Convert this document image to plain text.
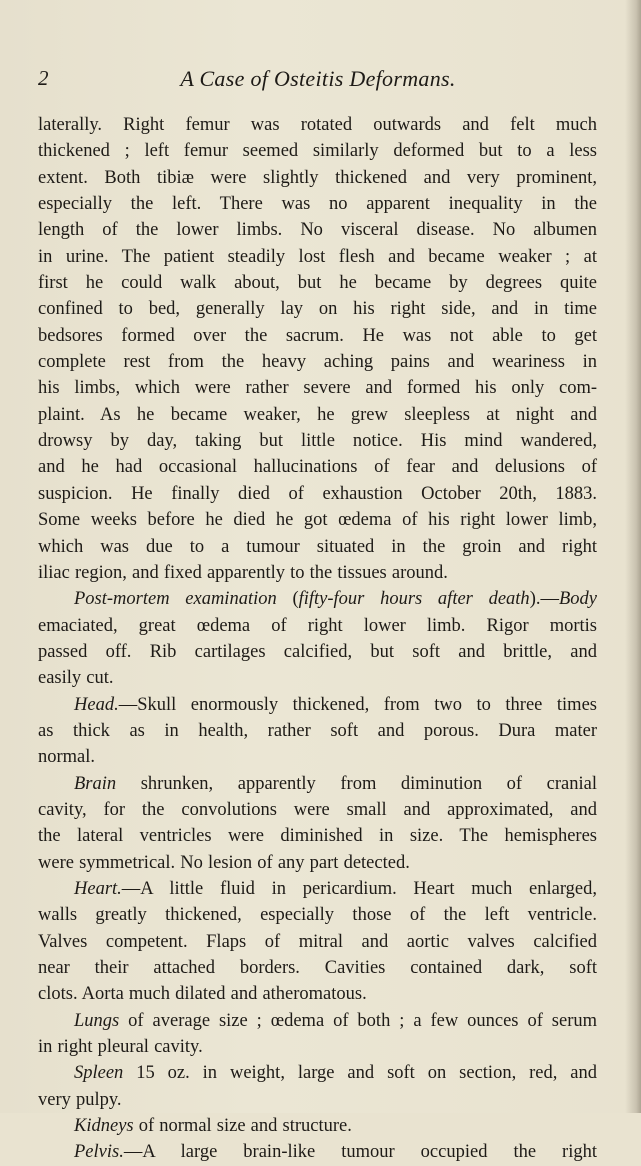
2	A Case of Osteitis Deformans.
laterally. Right femur was rotated outwards and felt much
thickened ; left femur seemed similarly deformed but to a less
extent. Both tibiæ were slightly thickened and very prominent,
especially the left. There was no apparent inequality in the
length of the lower limbs. No visceral disease. No albumen
in urine. The patient steadily lost flesh and became weaker ; at
first he could walk about, but he became by degrees quite
confined to bed, generally lay on his right side, and in time
bedsores formed over the sacrum. He was not able to get
complete rest from the heavy aching pains and weariness in
his limbs, which were rather severe and formed his only com-
plaint. As he became weaker, he grew sleepless at night and
drowsy by day, taking but little notice. His mind wandered,
and he had occasional hallucinations of fear and delusions of
suspicion. He finally died of exhaustion October 20th, 1883.
Some weeks before he died he got œdema of his right lower limb,
which was due to a tumour situated in the groin and right
iliac region, and fixed apparently to the tissues around.
Post-mortem examination (fifty-four hours after death).—Body
emaciated, great œdema of right lower limb. Rigor mortis
passed off. Rib cartilages calcified, but soft and brittle, and
easily cut.
Head.—Skull enormously thickened, from two to three times
as thick as in health, rather soft and porous. Dura mater
normal.
Brain shrunken, apparently from diminution of cranial
cavity, for the convolutions were small and approximated, and
the lateral ventricles were diminished in size. The hemispheres
were symmetrical. No lesion of any part detected.
Heart.—A little fluid in pericardium. Heart much enlarged,
walls greatly thickened, especially those of the left ventricle.
Valves competent. Flaps of mitral and aortic valves calcified
near their attached borders. Cavities contained dark, soft
clots. Aorta much dilated and atheromatous.
Lungs of average size ; œdema of both ; a few ounces of serum
in right pleural cavity.
Spleen 15 oz. in weight, large and soft on section, red, and
very pulpy.
Kidneys of normal size and structure.
Pelvis.—A large brain-like tumour occupied the right
